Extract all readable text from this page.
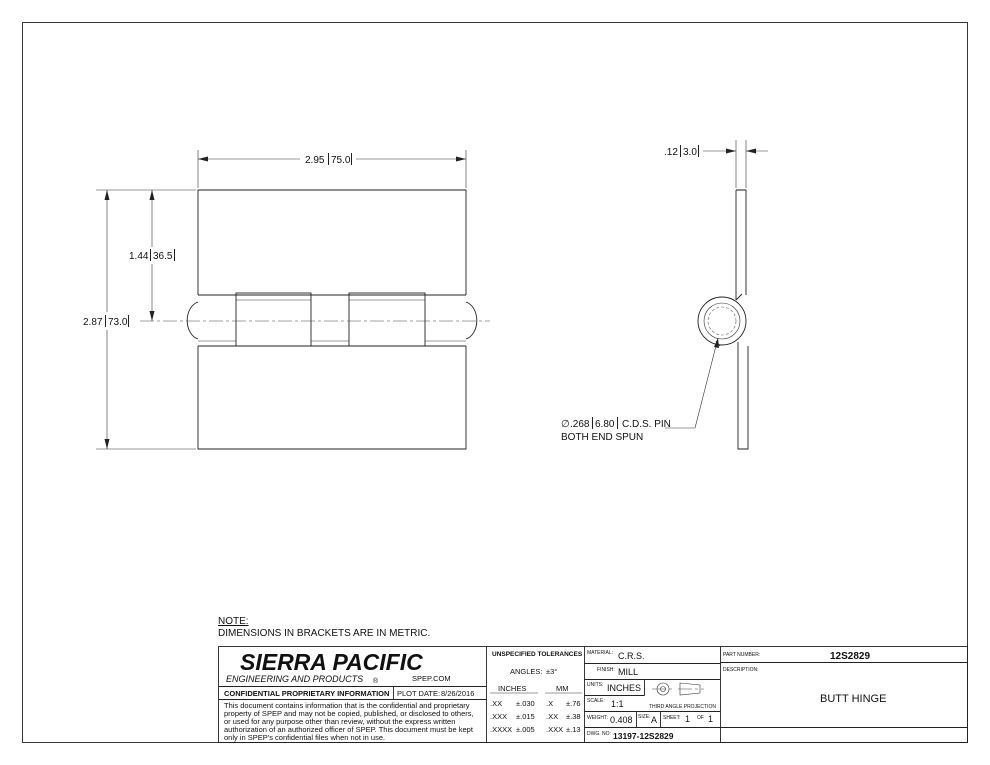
2.95 75.0
2.87 73.0
1.44 36.5
.12 3.0
∅ .268 6.80 C.D.S. PIN
BOTH END SPUN
NOTE:
DIMENSIONS IN BRACKETS ARE IN METRIC.
SIERRA PACIFIC
ENGINEERING AND PRODUCTS ®	SPEP.COM
CONFIDENTIAL PROPRIETARY INFORMATION PLOT DATE: 8/26/2016
This document contains information that is the confidential and proprietary
property of SPEP and may not be copied, published, or disclosed to others,
or used for any purpose other than review, without the express written
authorization of an authorized officer of SPEP. This document must be kept
only in SPEP's confidential files when not in use.
UNSPECIFIED TOLERANCES
ANGLES: ±3°
INCHES	MM
.XX ±.030 .X ±.76
.XXX ±.015 .XX ±.38
.XXXX ±.005 .XXX ±.13
MATERIAL: C.R.S.
FINISH: MILL
UNITS: INCHES
SCALE: 1:1	THIRD ANGLE PROJECTION
WEIGHT: 0.408 SIZE: A SHEET: 1 OF 1
DWG. NO: 13197-12S2829
PART NUMBER:	12S2829
DESCRIPTION:
BUTT HINGE
